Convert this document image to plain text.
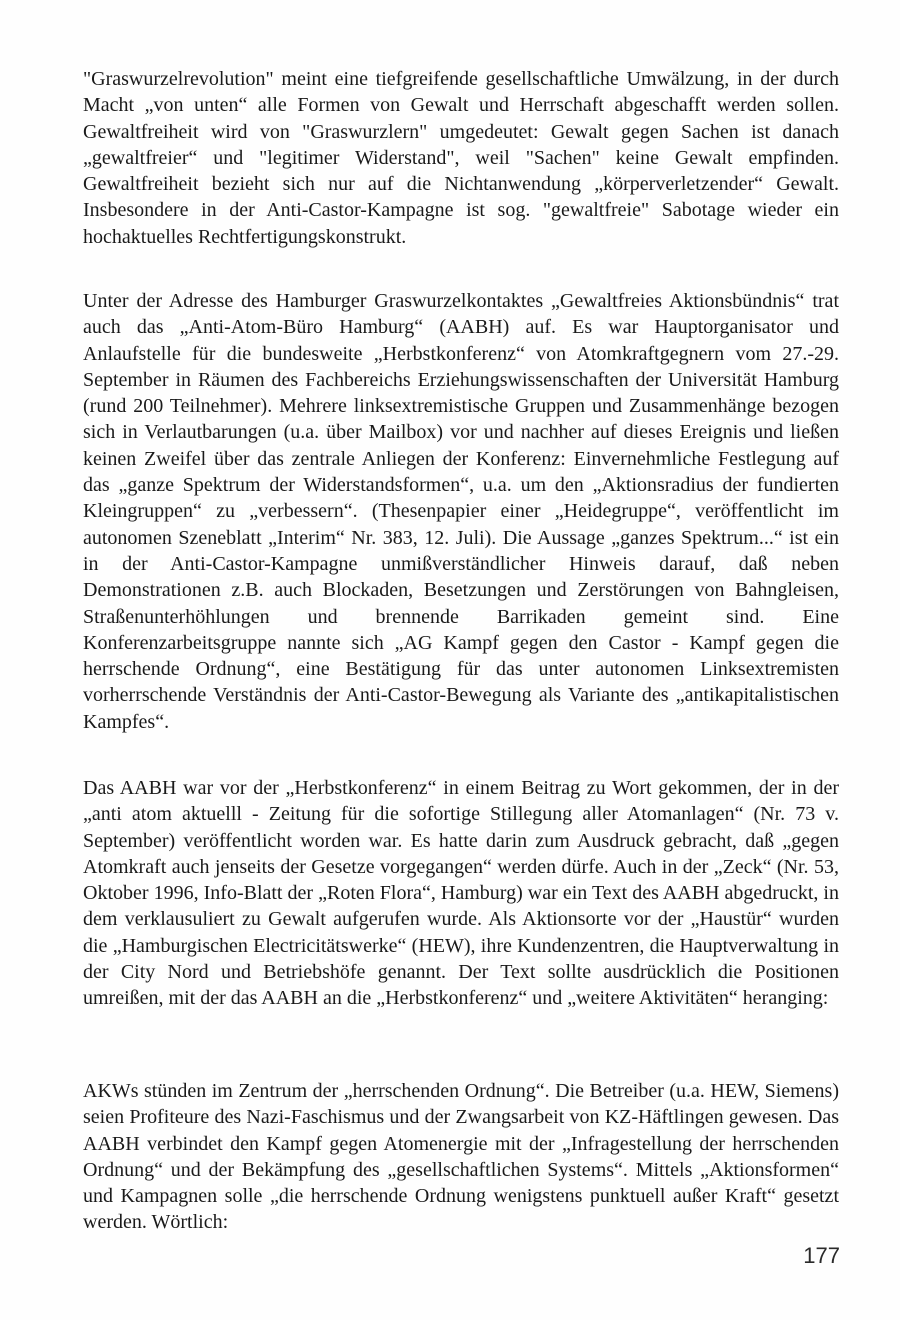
"Graswurzelrevolution" meint eine tiefgreifende gesellschaftliche Umwälzung, in der durch Macht „von unten“ alle Formen von Gewalt und Herrschaft abgeschafft werden sollen. Gewaltfreiheit wird von "Graswurzlern" umgedeutet: Gewalt gegen Sachen ist danach „gewaltfreier“ und "legitimer Widerstand", weil "Sachen" keine Gewalt empfinden. Gewaltfreiheit bezieht sich nur auf die Nichtanwendung „körperverletzender“ Gewalt. Insbesondere in der Anti-Castor-Kampagne ist sog. "gewaltfreie" Sabotage wieder ein hochaktuelles Rechtfertigungskonstrukt.

Unter der Adresse des Hamburger Graswurzelkontaktes „Gewaltfreies Aktionsbündnis“ trat auch das „Anti-Atom-Büro Hamburg“ (AABH) auf. Es war Hauptorganisator und Anlaufstelle für die bundesweite „Herbstkonferenz“ von Atomkraftgegnern vom 27.-29. September in Räumen des Fachbereichs Erziehungswissenschaften der Universität Hamburg (rund 200 Teilnehmer). Mehrere linksextremistische Gruppen und Zusammenhänge bezogen sich in Verlautbarungen (u.a. über Mailbox) vor und nachher auf dieses Ereignis und ließen keinen Zweifel über das zentrale Anliegen der Konferenz: Einvernehmliche Festlegung auf das „ganze Spektrum der Widerstandsformen“, u.a. um den „Aktionsradius der fundierten Kleingruppen“ zu „verbessern“. (Thesenpapier einer „Heidegruppe“, veröffentlicht im autonomen Szeneblatt „Interim“ Nr. 383, 12. Juli). Die Aussage „ganzes Spektrum...“ ist ein in der Anti-Castor-Kampagne unmißverständlicher Hinweis darauf, daß neben Demonstrationen z.B. auch Blockaden, Besetzungen und Zerstörungen von Bahngleisen, Straßenunterhöhlungen und brennende Barrikaden gemeint sind. Eine Konferenzarbeitsgruppe nannte sich „AG Kampf gegen den Castor - Kampf gegen die herrschende Ordnung“, eine Bestätigung für das unter autonomen Linksextremisten vorherrschende Verständnis der Anti-Castor-Bewegung als Variante des „antikapitalistischen Kampfes“.

Das AABH war vor der „Herbstkonferenz“ in einem Beitrag zu Wort gekommen, der in der „anti atom aktuelll - Zeitung für die sofortige Stillegung aller Atomanlagen“ (Nr. 73 v. September) veröffentlicht worden war. Es hatte darin zum Ausdruck gebracht, daß „gegen Atomkraft auch jenseits der Gesetze vorgegangen“ werden dürfe. Auch in der „Zeck“ (Nr. 53, Oktober 1996, Info-Blatt der „Roten Flora“, Hamburg) war ein Text des AABH abgedruckt, in dem verklausuliert zu Gewalt aufgerufen wurde. Als Aktionsorte vor der „Haustür“ wurden die „Hamburgischen Electricitätswerke“ (HEW), ihre Kundenzentren, die Hauptverwaltung in der City Nord und Betriebshöfe genannt. Der Text sollte ausdrücklich die Positionen umreißen, mit der das AABH an die „Herbstkonferenz“ und „weitere Aktivitäten“ heranging:

AKWs stünden im Zentrum der „herrschenden Ordnung“. Die Betreiber (u.a. HEW, Siemens) seien Profiteure des Nazi-Faschismus und der Zwangsarbeit von KZ-Häftlingen gewesen. Das AABH verbindet den Kampf gegen Atomenergie mit der „Infragestellung der herrschenden Ordnung“ und der Bekämpfung des „gesellschaftlichen Systems“. Mittels „Aktionsformen“ und Kampagnen solle „die herrschende Ordnung wenigstens punktuell außer Kraft“ gesetzt werden. Wörtlich:

177
